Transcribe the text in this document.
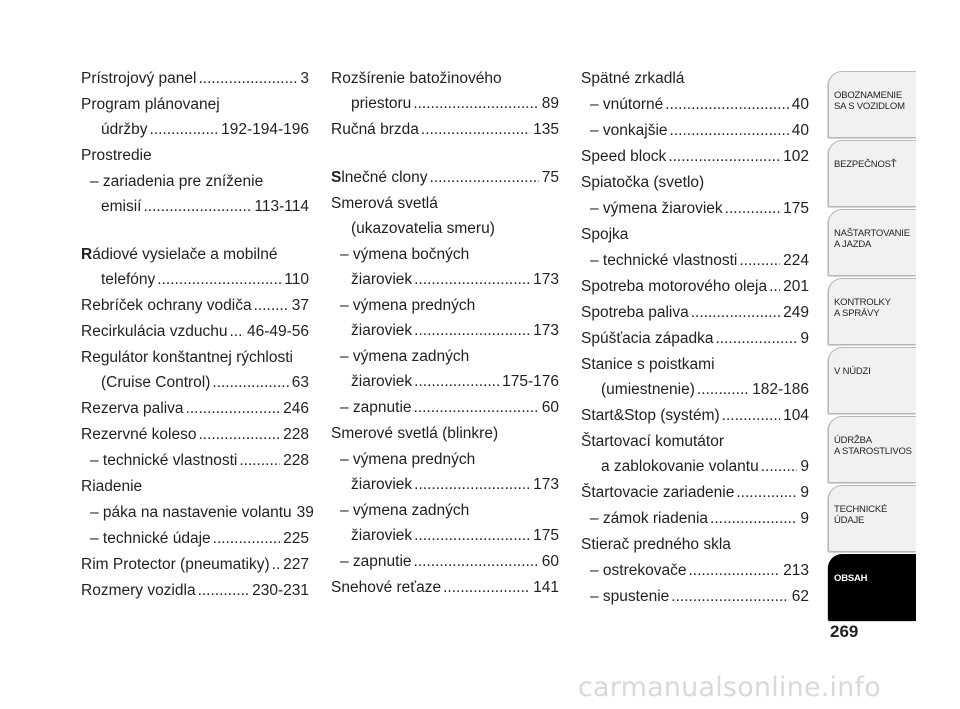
Prístrojový panel .....	3
Program plánovanej
údržby .....	192-194-196
Prostredie
– zariadenia pre zníženie
emisií .....	113-114
Rádiové vysielače a mobilné
telefóny .....	110
Rebríček ochrany vodiča .....	37
Recirkulácia vzduchu ..... 46-49-56
Regulátor konštantnej rýchlosti
(Cruise Control) .....	63
Rezerva paliva .....	246
Rezervné koleso .....	228
– technické vlastnosti .....	228
Riadenie
– páka na nastavenie volantu 39
– technické údaje .....	225
Rim Protector (pneumatiky) ..... 227
Rozmery vozidla .....	230-231
Rozšírenie batožinového
priestoru .....	89
Ručná brzda .....	135
Slnečné clony .....	75
Smerová svetlá
(ukazovatelia smeru)
– výmena bočných
žiaroviek .....	173
– výmena predných
žiaroviek .....	173
– výmena zadných
žiaroviek .....	175-176
– zapnutie .....	60
Smerové svetlá (blinkre)
– výmena predných
žiaroviek .....	173
– výmena zadných
žiaroviek .....	175
– zapnutie .....	60
Snehové reťaze .....	141
Spätné zrkadlá
– vnútorné .....	40
– vonkajšie .....	40
Speed block .....	102
Spiatočka (svetlo)
– výmena žiaroviek .....	175
Spojka
– technické vlastnosti .....	224
Spotreba motorového oleja ..... 201
Spotreba paliva .....	249
Spúšťacia západka .....	9
Stanice s poistkami
(umiestnenie) .....	182-186
Start&Stop (systém) .....	104
Štartovací komutátor
a zablokovanie volantu .....	9
Štartovacie zariadenie .....	9
– zámok riadenia .....	9
Stierač predného skla
– ostrekovače .....	213
– spustenie .....	62
OBOZNAMENIE
SA S VOZIDLOM
BEZPEČNOSŤ
NAŠTARTOVANIE
A JAZDA
KONTROLKY
A SPRÁVY
V NÚDZI
ÚDRŽBA
A STAROSTLIVOS
TECHNICKÉ
ÚDAJE
OBSAH
269
carmanualsonline.info
